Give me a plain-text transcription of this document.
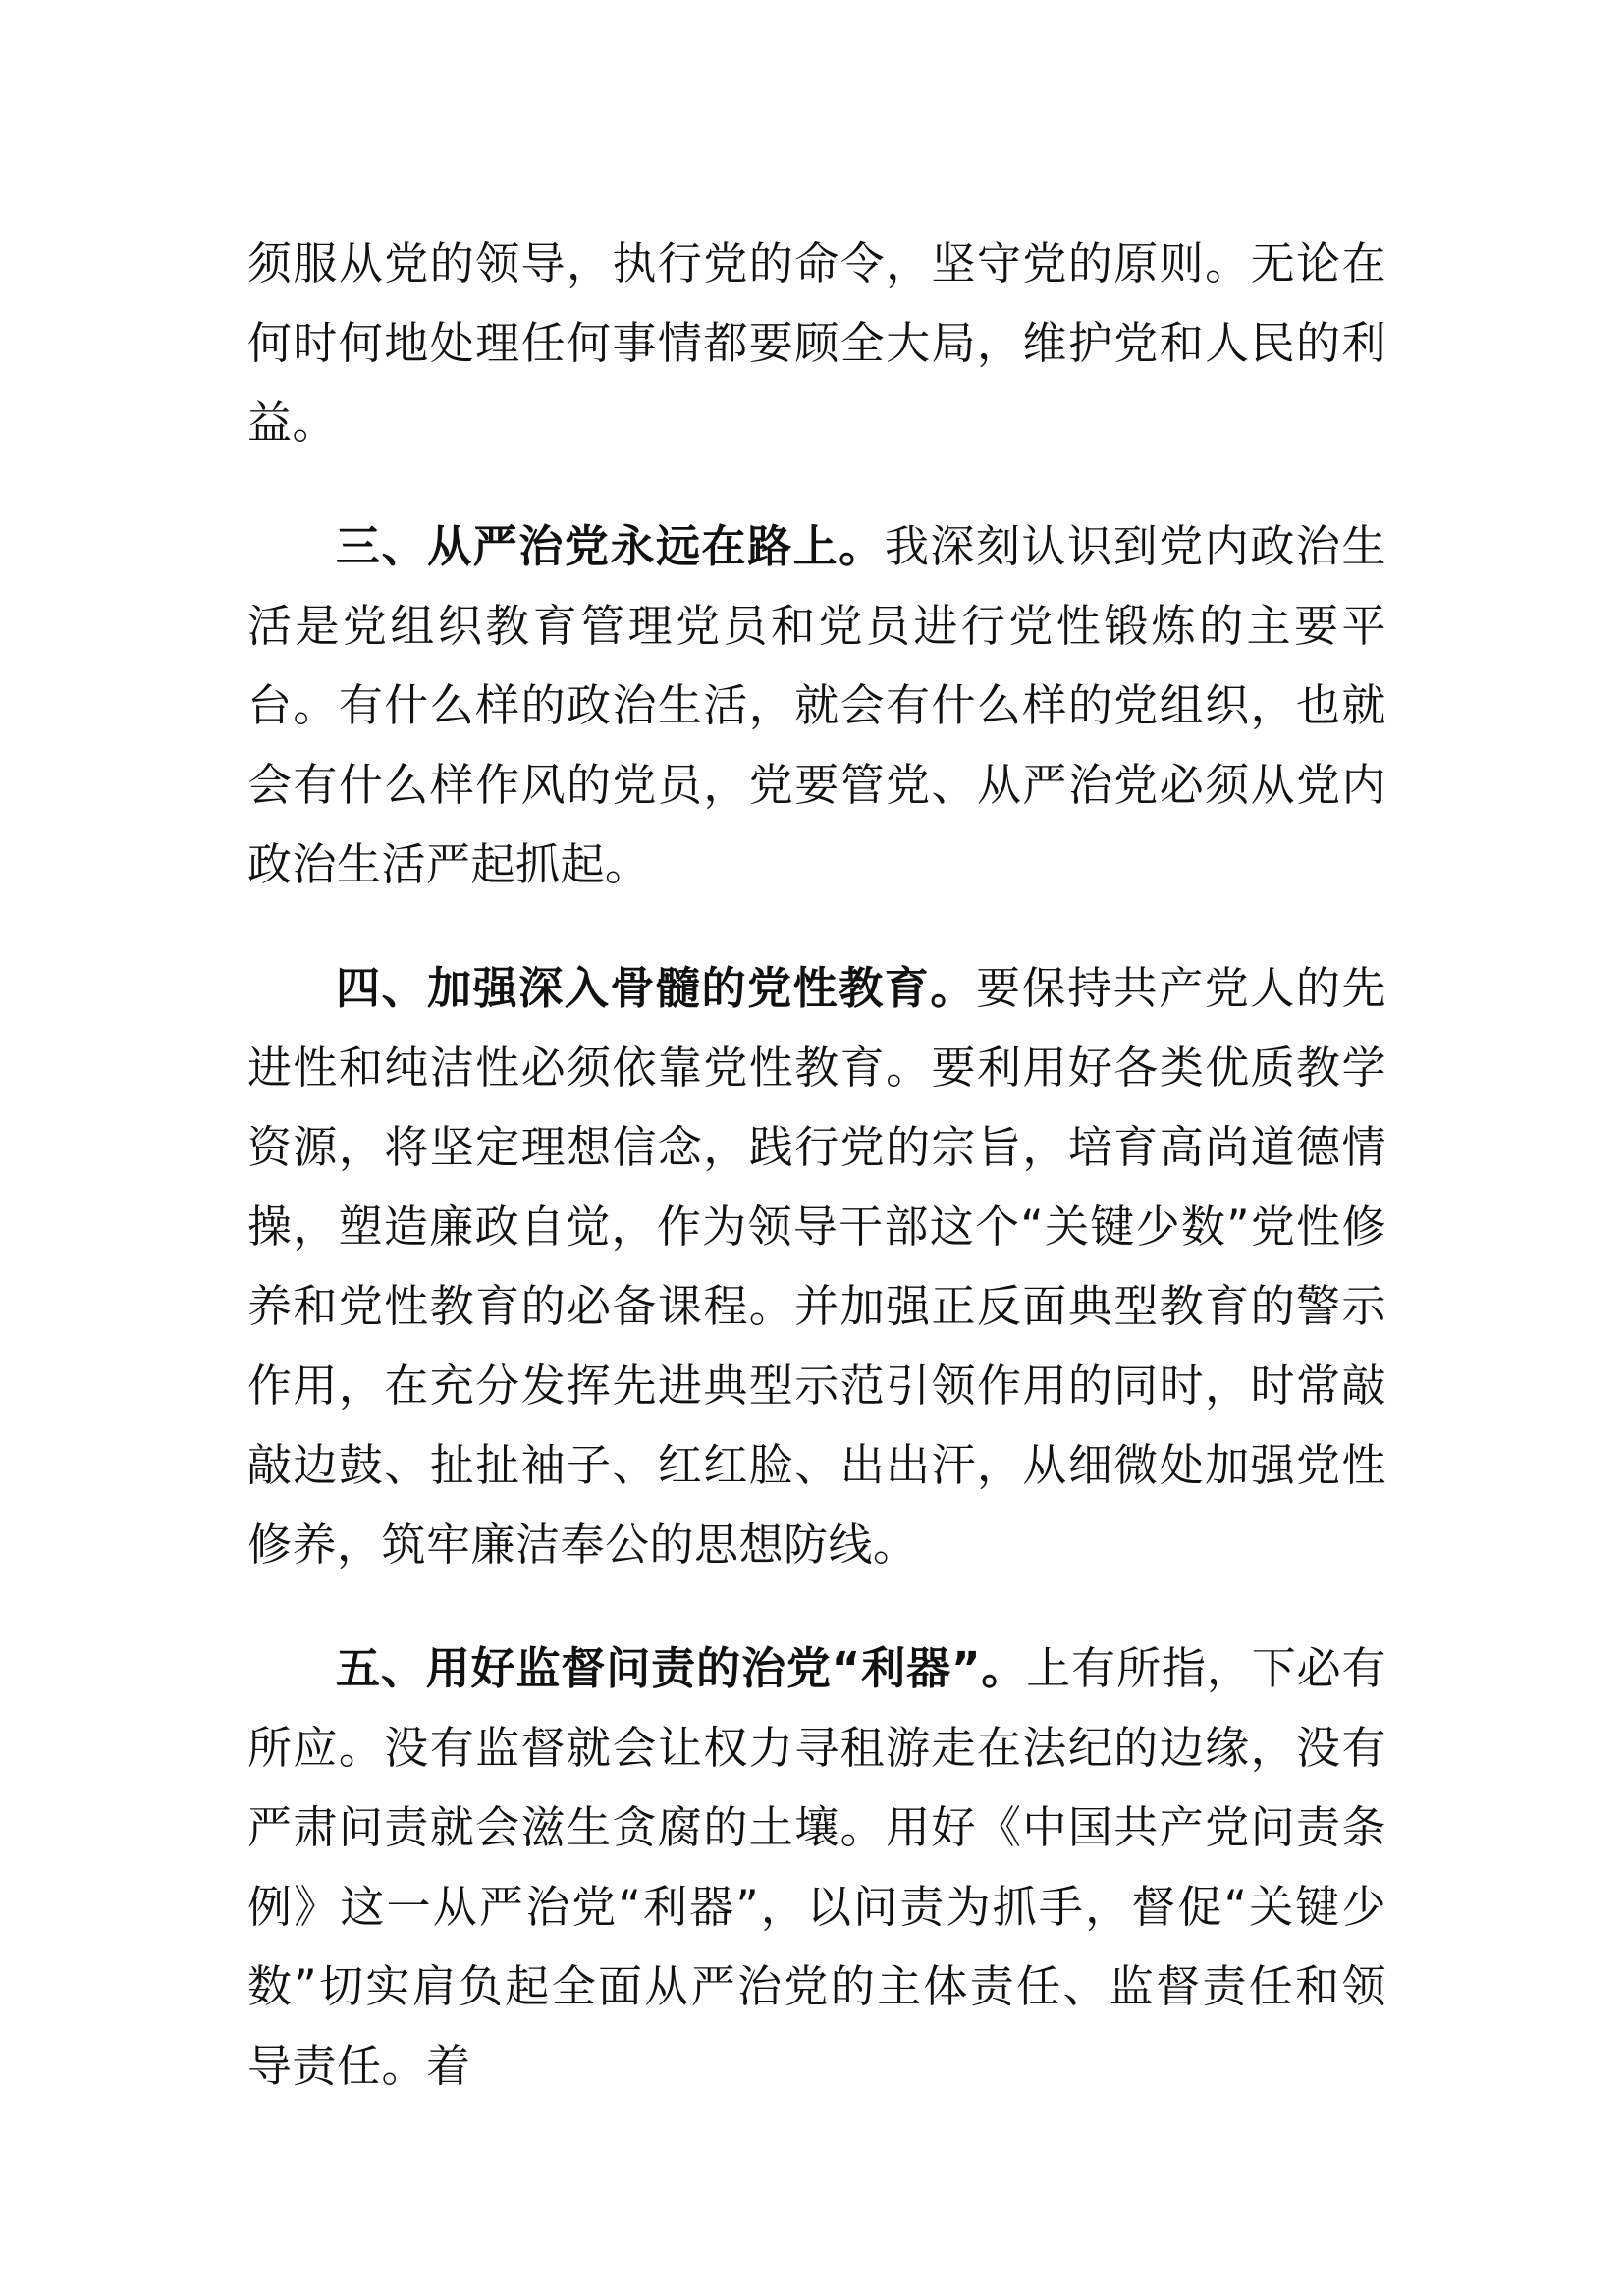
须服从党的领导，执行党的命令，坚守党的原则。无论在何时何地处理任何事情都要顾全大局，维护党和人民的利益。

三、从严治党永远在路上。我深刻认识到党内政治生活是党组织教育管理党员和党员进行党性锻炼的主要平台。有什么样的政治生活，就会有什么样的党组织，也就会有什么样作风的党员，党要管党、从严治党必须从党内政治生活严起抓起。

四、加强深入骨髓的党性教育。要保持共产党人的先进性和纯洁性必须依靠党性教育。要利用好各类优质教学资源，将坚定理想信念，践行党的宗旨，培育高尚道德情操，塑造廉政自觉，作为领导干部这个“关键少数”党性修养和党性教育的必备课程。并加强正反面典型教育的警示作用，在充分发挥先进典型示范引领作用的同时，时常敲敲边鼓、扯扯袖子、红红脸、出出汗，从细微处加强党性修养，筑牢廉洁奉公的思想防线。

五、用好监督问责的治党“利器”。上有所指，下必有所应。没有监督就会让权力寻租游走在法纪的边缘，没有严肃问责就会滋生贪腐的土壤。用好《中国共产党问责条例》这一从严治党“利器”，以问责为抓手，督促“关键少数”切实肩负起全面从严治党的主体责任、监督责任和领导责任。着
